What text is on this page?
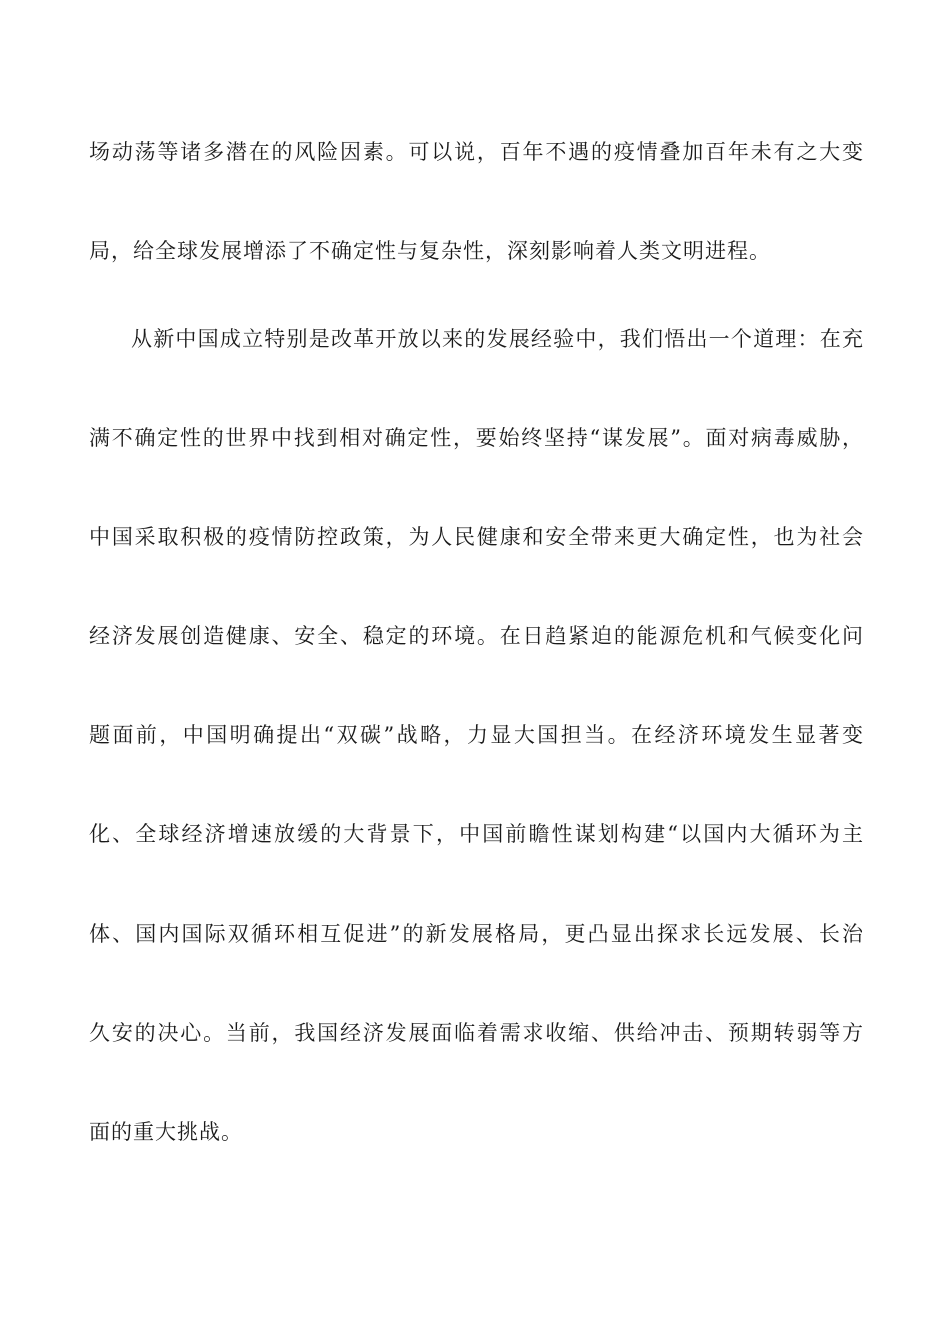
场动荡等诸多潜在的风险因素。可以说，百年不遇的疫情叠加百年未有之大变
局，给全球发展增添了不确定性与复杂性，深刻影响着人类文明进程。
从新中国成立特别是改革开放以来的发展经验中，我们悟出一个道理：在充
满不确定性的世界中找到相对确定性，要始终坚持“谋发展”。面对病毒威胁，
中国采取积极的疫情防控政策，为人民健康和安全带来更大确定性，也为社会
经济发展创造健康、安全、稳定的环境。在日趋紧迫的能源危机和气候变化问
题面前，中国明确提出“双碳”战略，力显大国担当。在经济环境发生显著变
化、全球经济增速放缓的大背景下，中国前瞻性谋划构建“以国内大循环为主
体、国内国际双循环相互促进”的新发展格局，更凸显出探求长远发展、长治
久安的决心。当前，我国经济发展面临着需求收缩、供给冲击、预期转弱等方
面的重大挑战。
